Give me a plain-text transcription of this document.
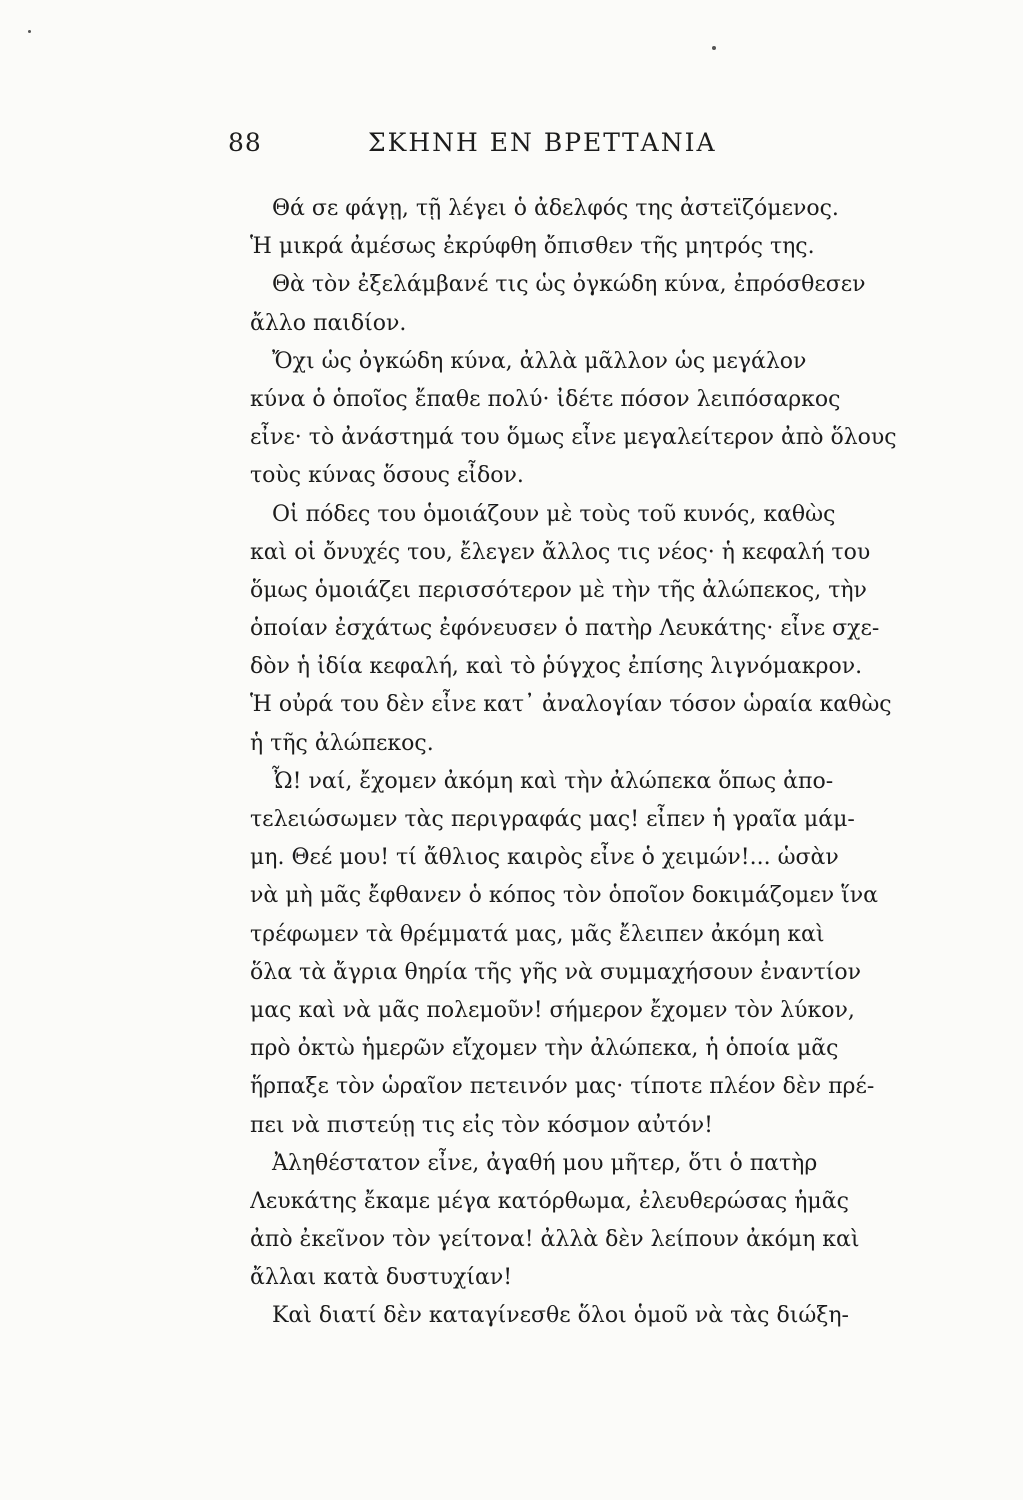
88	ΣΚΗΝΗ ΕΝ ΒΡΕΤΤΑΝΙΑ
Θά σε φάγῃ, τῇ λέγει ὁ ἀδελφός της ἀστεϊζόμενος.
Ἡ μικρά ἀμέσως ἐκρύφθη ὄπισθεν τῆς μητρός της.
Θὰ τὸν ἐξελάμβανέ τις ὡς ὀγκώδη κύνα, ἐπρόσθεσεν
ἄλλο παιδίον.
Ὄχι ὡς ὀγκώδη κύνα, ἀλλὰ μᾶλλον ὡς μεγάλον
κύνα ὁ ὁποῖος ἔπαθε πολύ· ἰδέτε πόσον λειπόσαρκος
εἶνε· τὸ ἀνάστημά του ὅμως εἶνε μεγαλείτερον ἀπὸ ὅλους
τοὺς κύνας ὅσους εἶδον.
Οἱ πόδες του ὁμοιάζουν μὲ τοὺς τοῦ κυνός, καθὼς
καὶ οἱ ὄνυχές του, ἔλεγεν ἄλλος τις νέος· ἡ κεφαλή του
ὅμως ὁμοιάζει περισσότερον μὲ τὴν τῆς ἀλώπεκος, τὴν
ὁποίαν ἐσχάτως ἐφόνευσεν ὁ πατὴρ Λευκάτης· εἶνε σχε-
δὸν ἡ ἰδία κεφαλή, καὶ τὸ ῥύγχος ἐπίσης λιγνόμακρον.
Ἡ οὐρά του δὲν εἶνε κατ᾽ ἀναλογίαν τόσον ὡραία καθὼς
ἡ τῆς ἀλώπεκος.
Ὦ! ναί, ἔχομεν ἀκόμη καὶ τὴν ἀλώπεκα ὅπως ἀπο-
τελειώσωμεν τὰς περιγραφάς μας! εἶπεν ἡ γραῖα μάμ-
μη. Θεέ μου! τί ἄθλιος καιρὸς εἶνε ὁ χειμών!... ὡσὰν
νὰ μὴ μᾶς ἔφθανεν ὁ κόπος τὸν ὁποῖον δοκιμάζομεν ἵνα
τρέφωμεν τὰ θρέμματά μας, μᾶς ἔλειπεν ἀκόμη καὶ
ὅλα τὰ ἄγρια θηρία τῆς γῆς νὰ συμμαχήσουν ἐναντίον
μας καὶ νὰ μᾶς πολεμοῦν! σήμερον ἔχομεν τὸν λύκον,
πρὸ ὀκτὼ ἡμερῶν εἴχομεν τὴν ἀλώπεκα, ἡ ὁποία μᾶς
ἥρπαξε τὸν ὡραῖον πετεινόν μας· τίποτε πλέον δὲν πρέ-
πει νὰ πιστεύῃ τις εἰς τὸν κόσμον αὐτόν!
Ἀληθέστατον εἶνε, ἀγαθή μου μῆτερ, ὅτι ὁ πατὴρ
Λευκάτης ἔκαμε μέγα κατόρθωμα, ἐλευθερώσας ἡμᾶς
ἀπὸ ἐκεῖνον τὸν γείτονα! ἀλλὰ δὲν λείπουν ἀκόμη καὶ
ἄλλαι κατὰ δυστυχίαν!
Καὶ διατί δὲν καταγίνεσθε ὅλοι ὁμοῦ νὰ τὰς διώξη-
